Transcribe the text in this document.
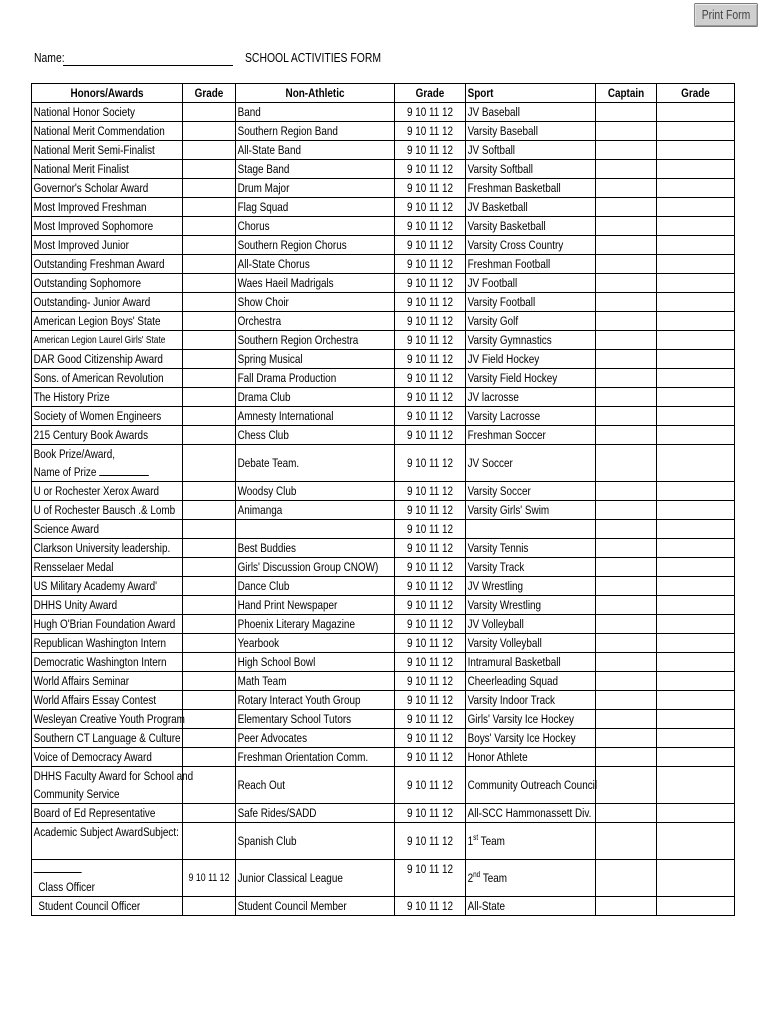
Print Form
Name:	SCHOOL ACTIVITIES FORM
Honors/Awards	Grade	Non-Athletic	Grade	Sport	Captain	Grade

National Honor Society		Band	9 10 11 12	JV Baseball		

National Merit Commendation		Southern Region Band	9 10 11 12	Varsity Baseball		

National Merit Semi-Finalist		All-State Band	9 10 11 12	JV Softball		

National Merit Finalist		Stage Band	9 10 11 12	Varsity Softball		

Governor's Scholar Award		Drum Major	9 10 11 12	Freshman Basketball		

Most Improved Freshman		Flag Squad	9 10 11 12	JV Basketball		

Most Improved Sophomore		Chorus	9 10 11 12	Varsity Basketball		

Most Improved Junior		Southern Region Chorus	9 10 11 12	Varsity Cross Country		

Outstanding Freshman Award		All-State Chorus	9 10 11 12	Freshman Football		

Outstanding Sophomore		Waes Haeil Madrigals	9 10 11 12	JV Football		

Outstanding- Junior Award		Show Choir	9 10 11 12	Varsity Football		

American Legion Boys' State		Orchestra	9 10 11 12	Varsity Golf		

American Legion Laurel Girls' State		Southern Region Orchestra	9 10 11 12	Varsity Gymnastics		

DAR Good Citizenship Award		Spring Musical	9 10 11 12	JV Field Hockey		

Sons. of American Revolution		Fall Drama Production	9 10 11 12	Varsity Field Hockey		

The History Prize		Drama Club	9 10 11 12	JV lacrosse		

Society of Women Engineers		Amnesty International	9 10 11 12	Varsity Lacrosse		

215 Century Book Awards		Chess Club	9 10 11 12	Freshman Soccer		

Book Prize/Award,
Name of Prize		Debate Team.	9 10 11 12	JV Soccer		

U or Rochester Xerox Award		Woodsy Club	9 10 11 12	Varsity Soccer		

U of Rochester Bausch .& Lomb		Animanga	9 10 11 12	Varsity Girls' Swim		

Science Award			9 10 11 12			

Clarkson University leadership.		Best Buddies	9 10 11 12	Varsity Tennis		

Rensselaer Medal		Girls' Discussion Group CNOW)	9 10 11 12	Varsity Track		

US Military Academy Award'		Dance Club	9 10 11 12	JV Wrestling		

DHHS Unity Award		Hand Print Newspaper	9 10 11 12	Varsity Wrestling		

Hugh O'Brian Foundation Award		Phoenix Literary Magazine	9 10 11 12	JV Volleyball		

Republican Washington Intern		Yearbook	9 10 11 12	Varsity Volleyball		

Democratic Washington Intern		High School Bowl	9 10 11 12	Intramural Basketball		

World Affairs Seminar		Math Team	9 10 11 12	Cheerleading Squad		

World Affairs Essay Contest		Rotary Interact Youth Group	9 10 11 12	Varsity Indoor Track		

Wesleyan Creative Youth Program		Elementary School Tutors	9 10 11 12	Girls' Varsity Ice Hockey		

Southern CT Language & Culture		Peer Advocates	9 10 11 12	Boys' Varsity Ice Hockey		

Voice of Democracy Award		Freshman Orientation Comm.	9 10 11 12	Honor Athlete		

DHHS Faculty Award for School and
Community Service		Reach Out	9 10 11 12	Community Outreach Council		

Board of Ed Representative		Safe Rides/SADD	9 10 11 12	All-SCC Hammonassett Div.		

Academic Subject AwardSubject:		Spanish Club	9 10 11 12	1st Team		

Class Officer	9 10 11 12	Junior Classical League	9 10 11 12	2nd Team		

Student Council Officer		Student Council Member	9 10 11 12	All-State		
